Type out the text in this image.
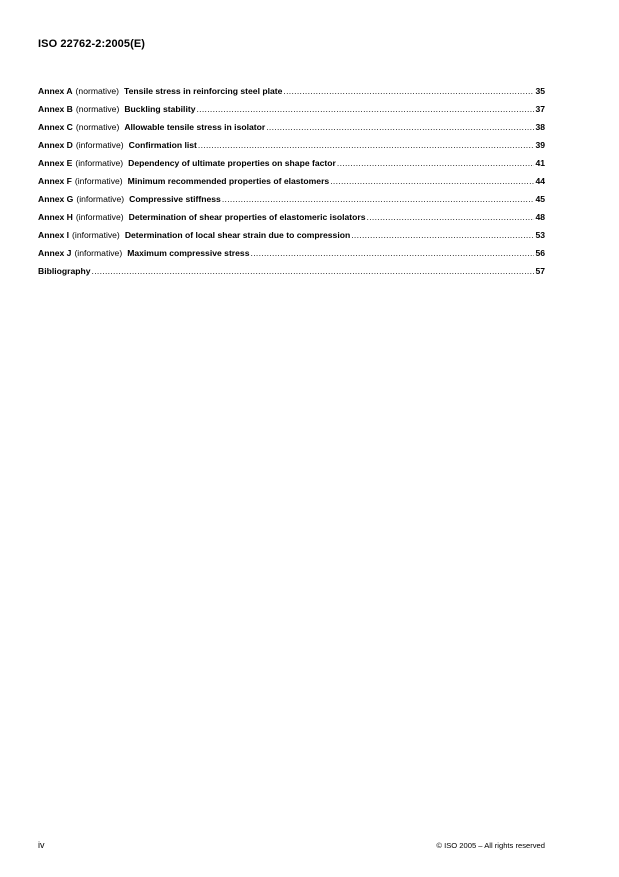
ISO 22762-2:2005(E)
Annex A (normative) Tensile stress in reinforcing steel plate .....	35
Annex B (normative) Buckling stability .....	37
Annex C (normative) Allowable tensile stress in isolator .....	38
Annex D (informative) Confirmation list .....	39
Annex E (informative) Dependency of ultimate properties on shape factor .....	41
Annex F (informative) Minimum recommended properties of elastomers .....	44
Annex G (informative) Compressive stiffness .....	45
Annex H (informative) Determination of shear properties of elastomeric isolators .....	48
Annex I (informative) Determination of local shear strain due to compression .....	53
Annex J (informative) Maximum compressive stress .....	56
Bibliography .....	57
iv	© ISO 2005 – All rights reserved
